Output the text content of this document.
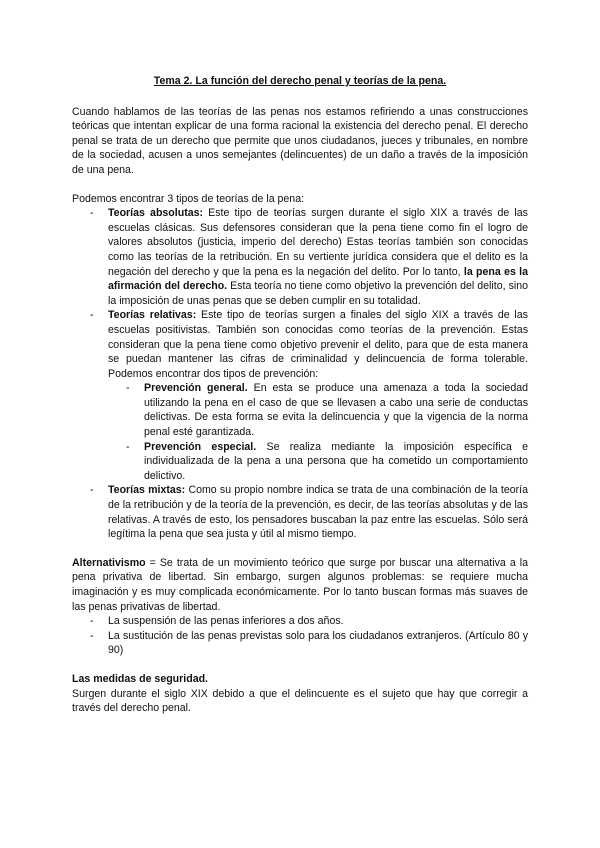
Tema 2. La función del derecho penal y teorías de la pena.

Cuando hablamos de las teorías de las penas nos estamos refiriendo a unas construcciones teóricas que intentan explicar de una forma racional la existencia del derecho penal. El derecho penal se trata de un derecho que permite que unos ciudadanos, jueces y tribunales, en nombre de la sociedad, acusen a unos semejantes (delincuentes) de un daño a través de la imposición de una pena.

Podemos encontrar 3 tipos de teorías de la pena:

- Teorías absolutas: Este tipo de teorías surgen durante el siglo XIX a través de las escuelas clásicas. Sus defensores consideran que la pena tiene como fin el logro de valores absolutos (justicia, imperio del derecho) Estas teorías también son conocidas como las teorías de la retribución. En su vertiente jurídica considera que el delito es la negación del derecho y que la pena es la negación del delito. Por lo tanto, la pena es la afirmación del derecho. Esta teoría no tiene como objetivo la prevención del delito, sino la imposición de unas penas que se deben cumplir en su totalidad.
- Teorías relativas: Este tipo de teorías surgen a finales del siglo XIX a través de las escuelas positivistas. También son conocidas como teorías de la prevención. Estas consideran que la pena tiene como objetivo prevenir el delito, para que de esta manera se puedan mantener las cifras de criminalidad y delincuencia de forma tolerable. Podemos encontrar dos tipos de prevención:
- Prevención general. En esta se produce una amenaza a toda la sociedad utilizando la pena en el caso de que se llevasen a cabo una serie de conductas delictivas. De esta forma se evita la delincuencia y que la vigencia de la norma penal esté garantizada.
- Prevención especial. Se realiza mediante la imposición específica e individualizada de la pena a una persona que ha cometido un comportamiento delictivo.
- Teorías mixtas: Como su propio nombre indica se trata de una combinación de la teoría de la retribución y de la teoría de la prevención, es decir, de las teorías absolutas y de las relativas. A través de esto, los pensadores buscaban la paz entre las escuelas. Sólo será legítima la pena que sea justa y útil al mismo tiempo.

Alternativismo = Se trata de un movimiento teórico que surge por buscar una alternativa a la pena privativa de libertad. Sin embargo, surgen algunos problemas: se requiere mucha imaginación y es muy complicada económicamente. Por lo tanto buscan formas más suaves de las penas privativas de libertad.

- La suspensión de las penas inferiores a dos años.
- La sustitución de las penas previstas solo para los ciudadanos extranjeros. (Artículo 80 y 90)

Las medidas de seguridad.

Surgen durante el siglo XIX debido a que el delincuente es el sujeto que hay que corregir a través del derecho penal.
